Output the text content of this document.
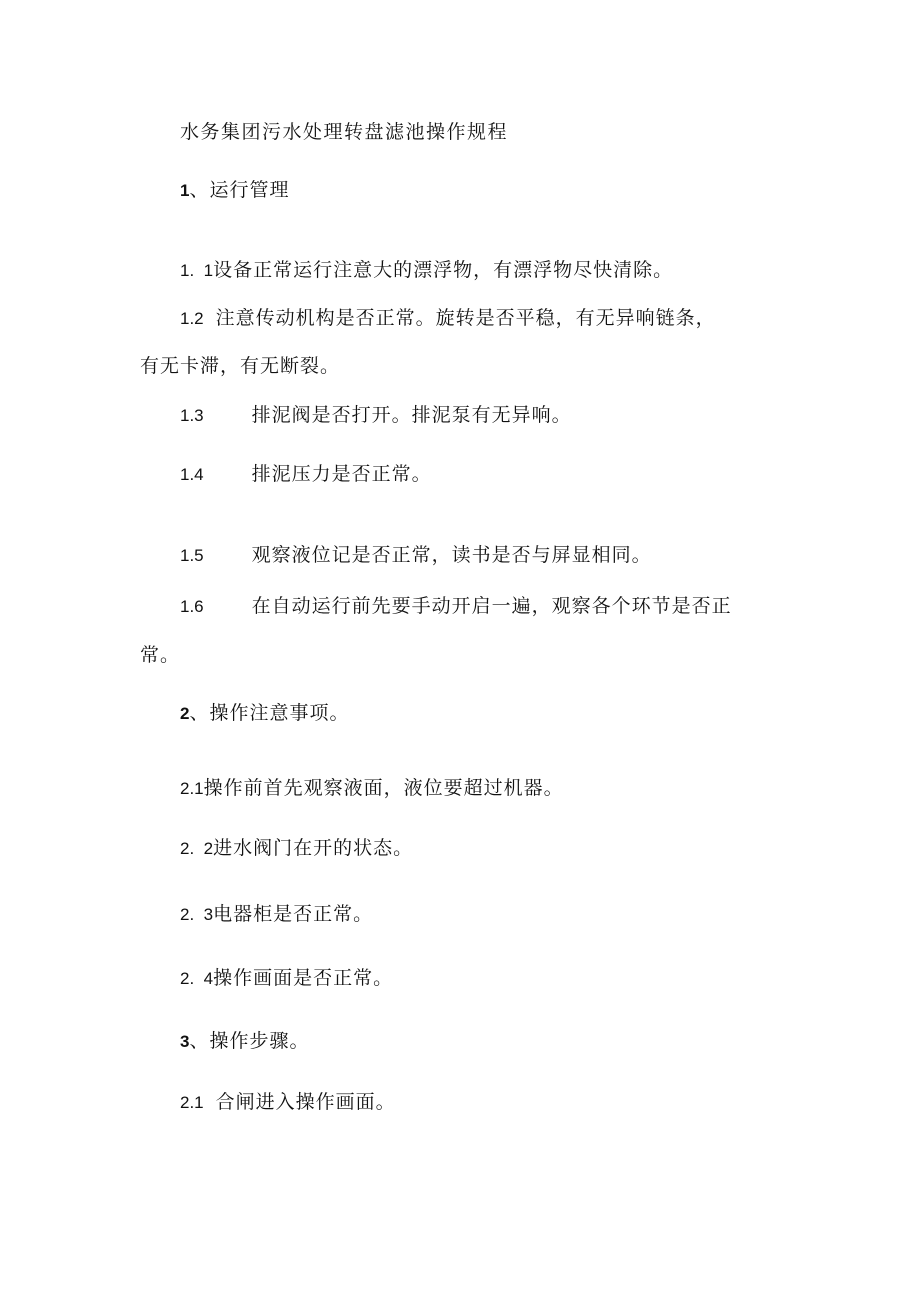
水务集团污水处理转盘滤池操作规程
1、运行管理
1.  1设备正常运行注意大的漂浮物，有漂浮物尽快清除。
1.2 注意传动机构是否正常。旋转是否平稳，有无异响链条，
有无卡滞，有无断裂。
1.3	排泥阀是否打开。排泥泵有无异响。
1.4	排泥压力是否正常。
1.5	观察液位记是否正常，读书是否与屏显相同。
1.6	在自动运行前先要手动开启一遍，观察各个环节是否正
常。
2、操作注意事项。
2.1操作前首先观察液面，液位要超过机器。
2.  2进水阀门在开的状态。
2.  3电器柜是否正常。
2.  4操作画面是否正常。
3、操作步骤。
2.1 合闸进入操作画面。
